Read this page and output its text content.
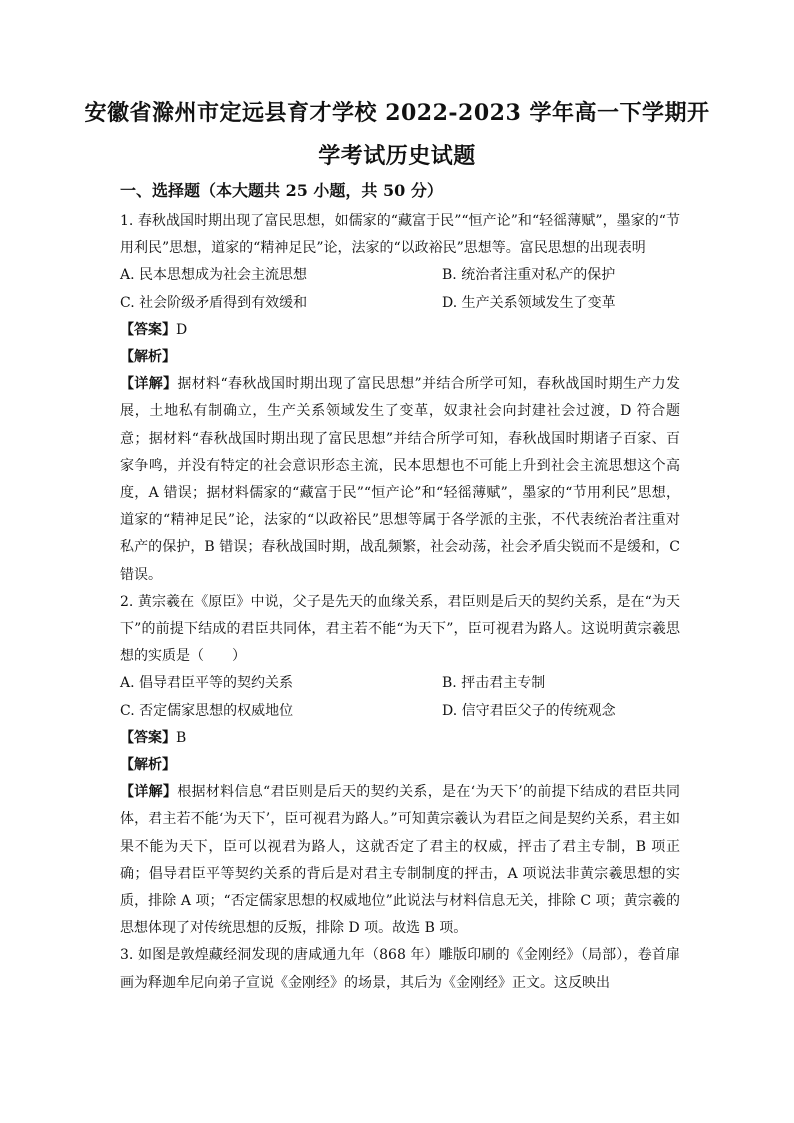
安徽省滁州市定远县育才学校 2022-2023 学年高一下学期开
学考试历史试题
一、选择题（本大题共 25 小题，共 50 分）

1. 春秋战国时期出现了富民思想，如儒家的“藏富于民”“恒产论”和“轻徭薄赋”，墨家的“节用利民”思想，道家的“精神足民”论，法家的“以政裕民”思想等。富民思想的出现表明

A. 民本思想成为社会主流思想	B. 统治者注重对私产的保护
C. 社会阶级矛盾得到有效缓和	D. 生产关系领域发生了变革

【答案】D

【解析】

【详解】据材料“春秋战国时期出现了富民思想”并结合所学可知，春秋战国时期生产力发展，土地私有制确立，生产关系领域发生了变革，奴隶社会向封建社会过渡，D 符合题意；据材料“春秋战国时期出现了富民思想”并结合所学可知，春秋战国时期诸子百家、百家争鸣，并没有特定的社会意识形态主流，民本思想也不可能上升到社会主流思想这个高度，A 错误；据材料儒家的“藏富于民”“恒产论”和“轻徭薄赋”，墨家的“节用利民”思想，道家的“精神足民”论，法家的“以政裕民”思想等属于各学派的主张，不代表统治者注重对私产的保护，B 错误；春秋战国时期，战乱频繁，社会动荡，社会矛盾尖锐而不是缓和，C 错误。

2. 黄宗羲在《原臣》中说，父子是先天的血缘关系，君臣则是后天的契约关系，是在“为天下”的前提下结成的君臣共同体，君主若不能“为天下”，臣可视君为路人。这说明黄宗羲思想的实质是（　　）

A. 倡导君臣平等的契约关系	B. 抨击君主专制
C. 否定儒家思想的权威地位	D. 信守君臣父子的传统观念

【答案】B

【解析】

【详解】根据材料信息“君臣则是后天的契约关系，是在‘为天下’的前提下结成的君臣共同体，君主若不能‘为天下’，臣可视君为路人。”可知黄宗羲认为君臣之间是契约关系，君主如果不能为天下，臣可以视君为路人，这就否定了君主的权威，抨击了君主专制，B 项正确；倡导君臣平等契约关系的背后是对君主专制制度的抨击，A 项说法非黄宗羲思想的实质，排除 A 项；“否定儒家思想的权威地位”此说法与材料信息无关，排除 C 项；黄宗羲的思想体现了对传统思想的反叛，排除 D 项。故选 B 项。

3. 如图是敦煌藏经洞发现的唐咸通九年（868 年）雕版印刷的《金刚经》（局部），卷首扉画为释迦牟尼向弟子宣说《金刚经》的场景，其后为《金刚经》正文。这反映出
